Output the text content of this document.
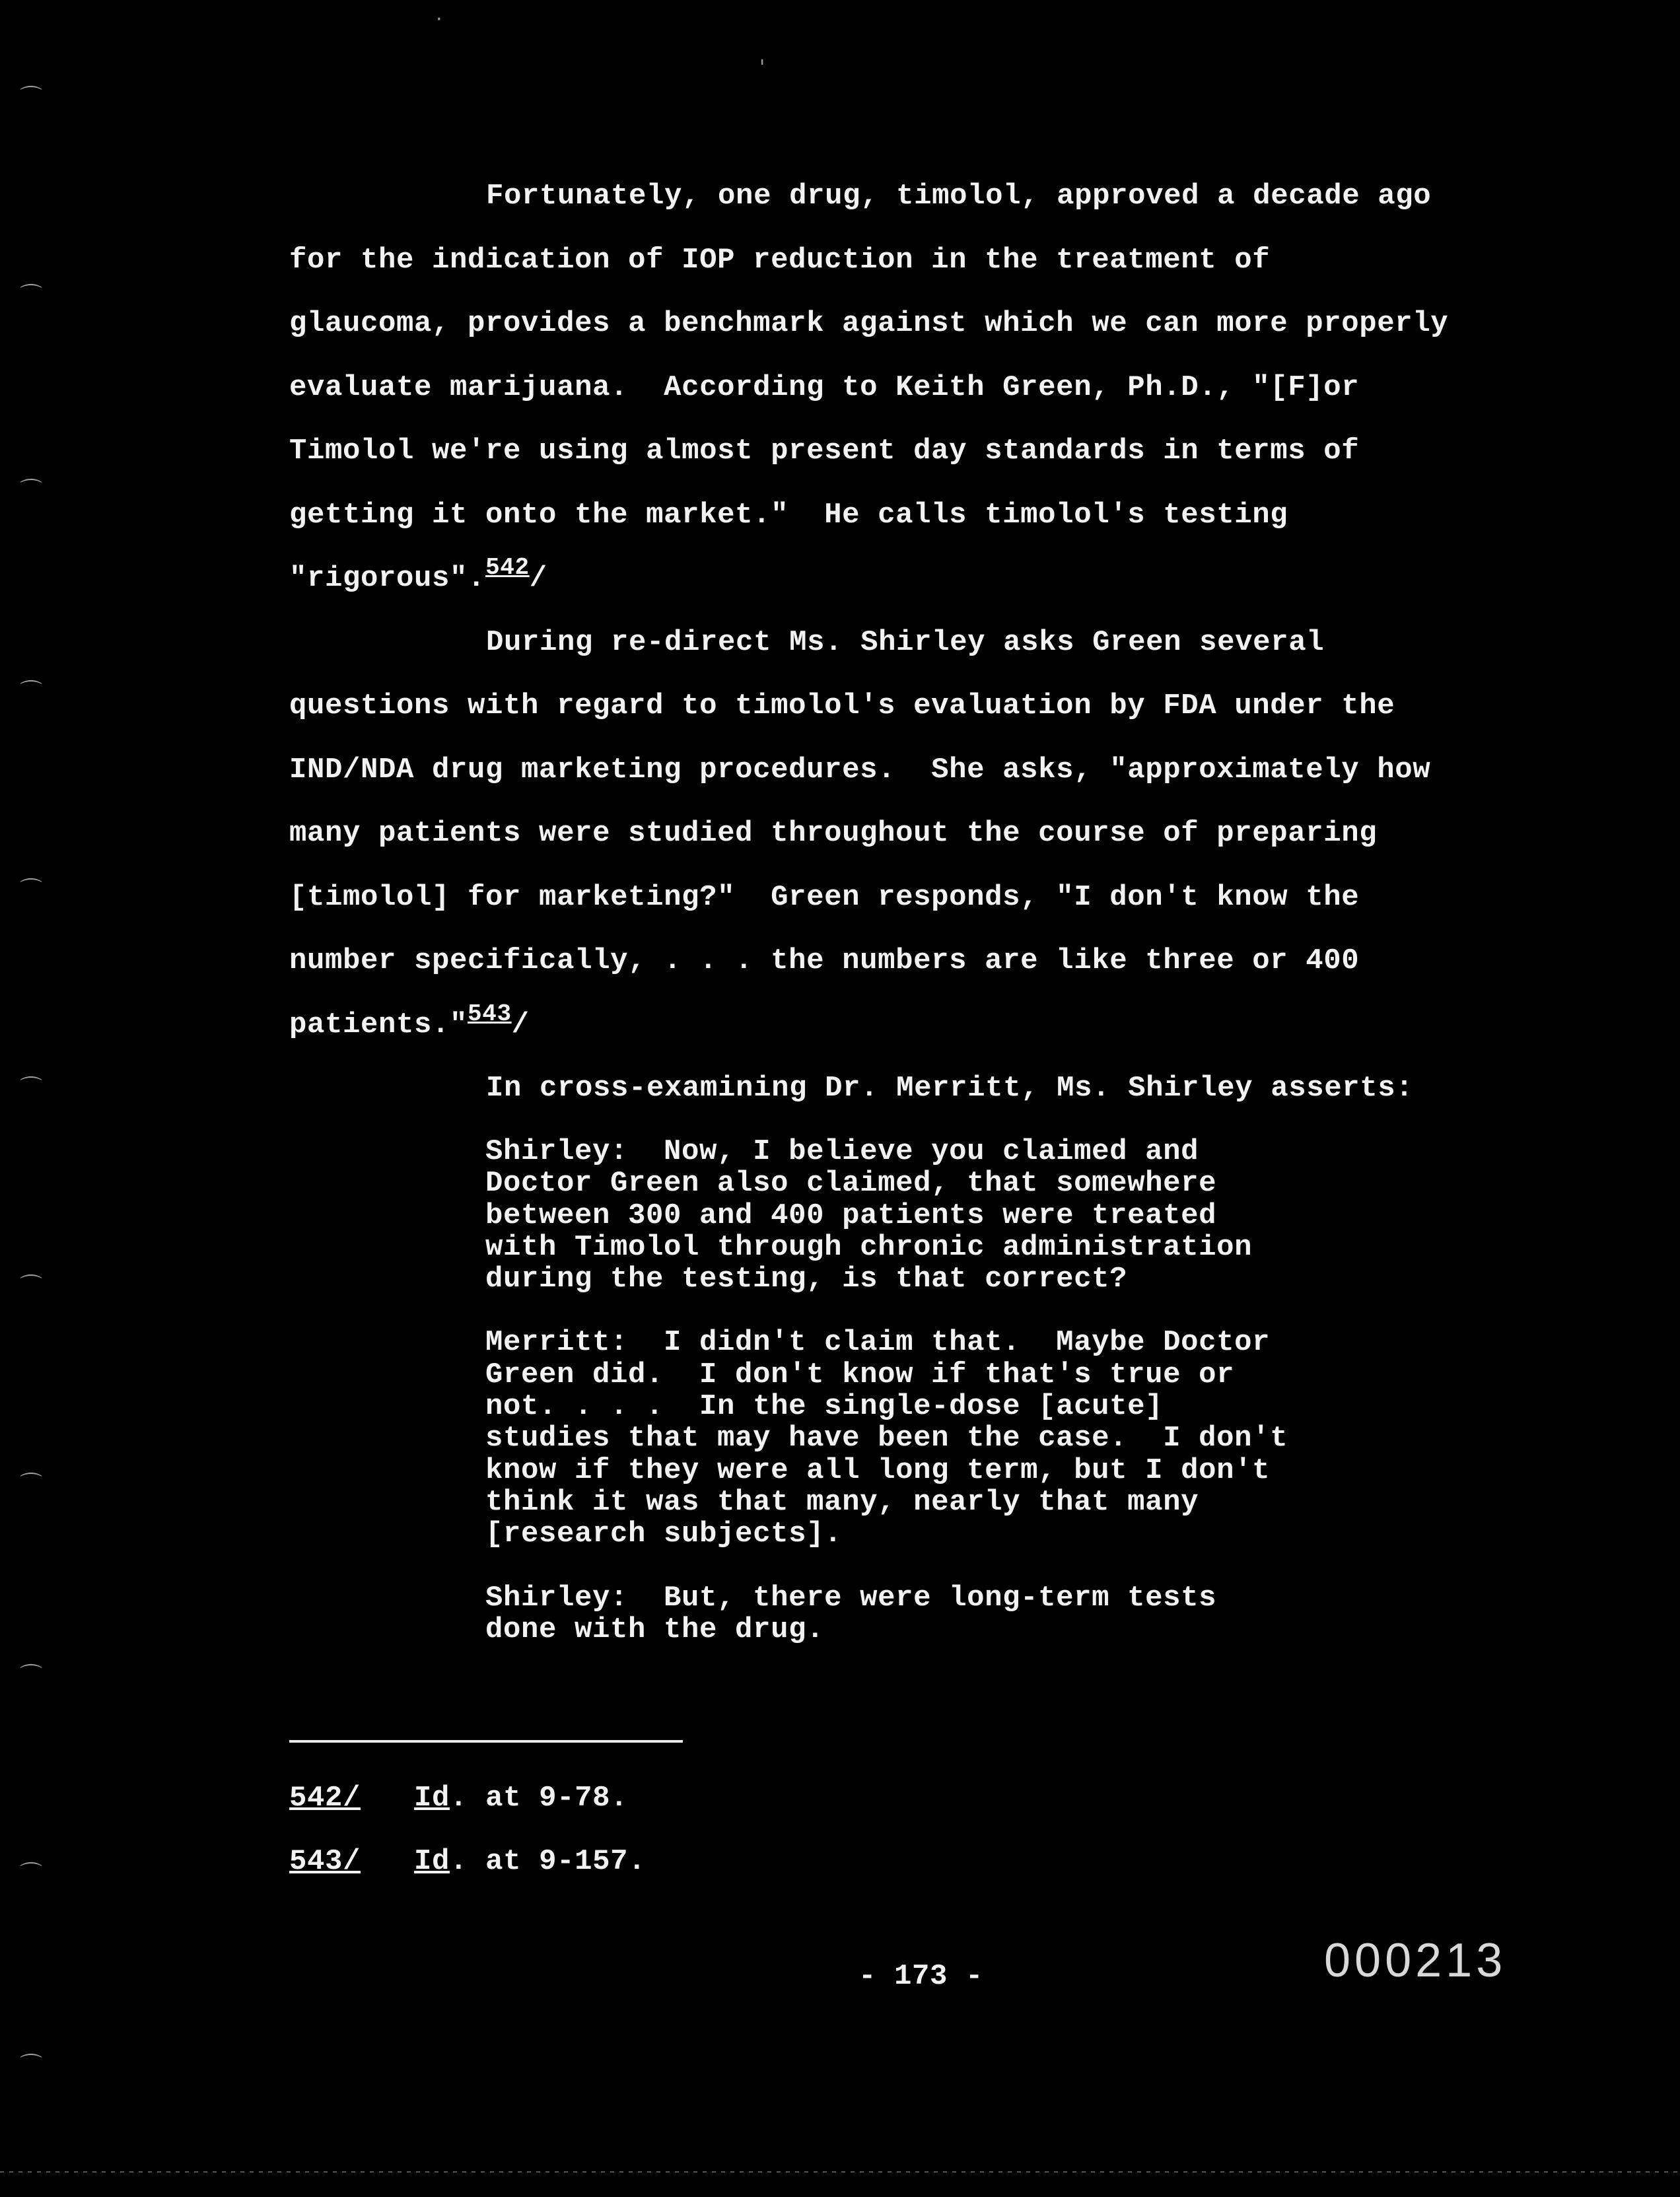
⌒
⌒
⌒
⌒
⌒
⌒
⌒
⌒
⌒
⌒
⌒
'
·

Fortunately, one drug, timolol, approved a decade ago
for the indication of IOP reduction in the treatment of
glaucoma, provides a benchmark against which we can more properly
evaluate marijuana.  According to Keith Green, Ph.D., "[F]or
Timolol we're using almost present day standards in terms of
getting it onto the market."  He calls timolol's testing
"rigorous".$^{542}$/

During re-direct Ms. Shirley asks Green several
questions with regard to timolol's evaluation by FDA under the
IND/NDA drug marketing procedures.  She asks, "approximately how
many patients were studied throughout the course of preparing
[timolol] for marketing?"  Green responds, "I don't know the
number specifically, . . . the numbers are like three or 400
patients."$^{543}$/

In cross-examining Dr. Merritt, Ms. Shirley asserts:

Shirley:  Now, I believe you claimed and
Doctor Green also claimed, that somewhere
between 300 and 400 patients were treated
with Timolol through chronic administration
during the testing, is that correct?

Merritt:  I didn't claim that.  Maybe Doctor
Green did.  I don't know if that's true or
not. . . .  In the single-dose [acute]
studies that may have been the case.  I don't
know if they were all long term, but I don't
think it was that many, nearly that many
[research subjects].

Shirley:  But, there were long-term tests
done with the drug.

542/ Id. at 9-78.
543/ Id. at 9-157.
- 173 -	000213
